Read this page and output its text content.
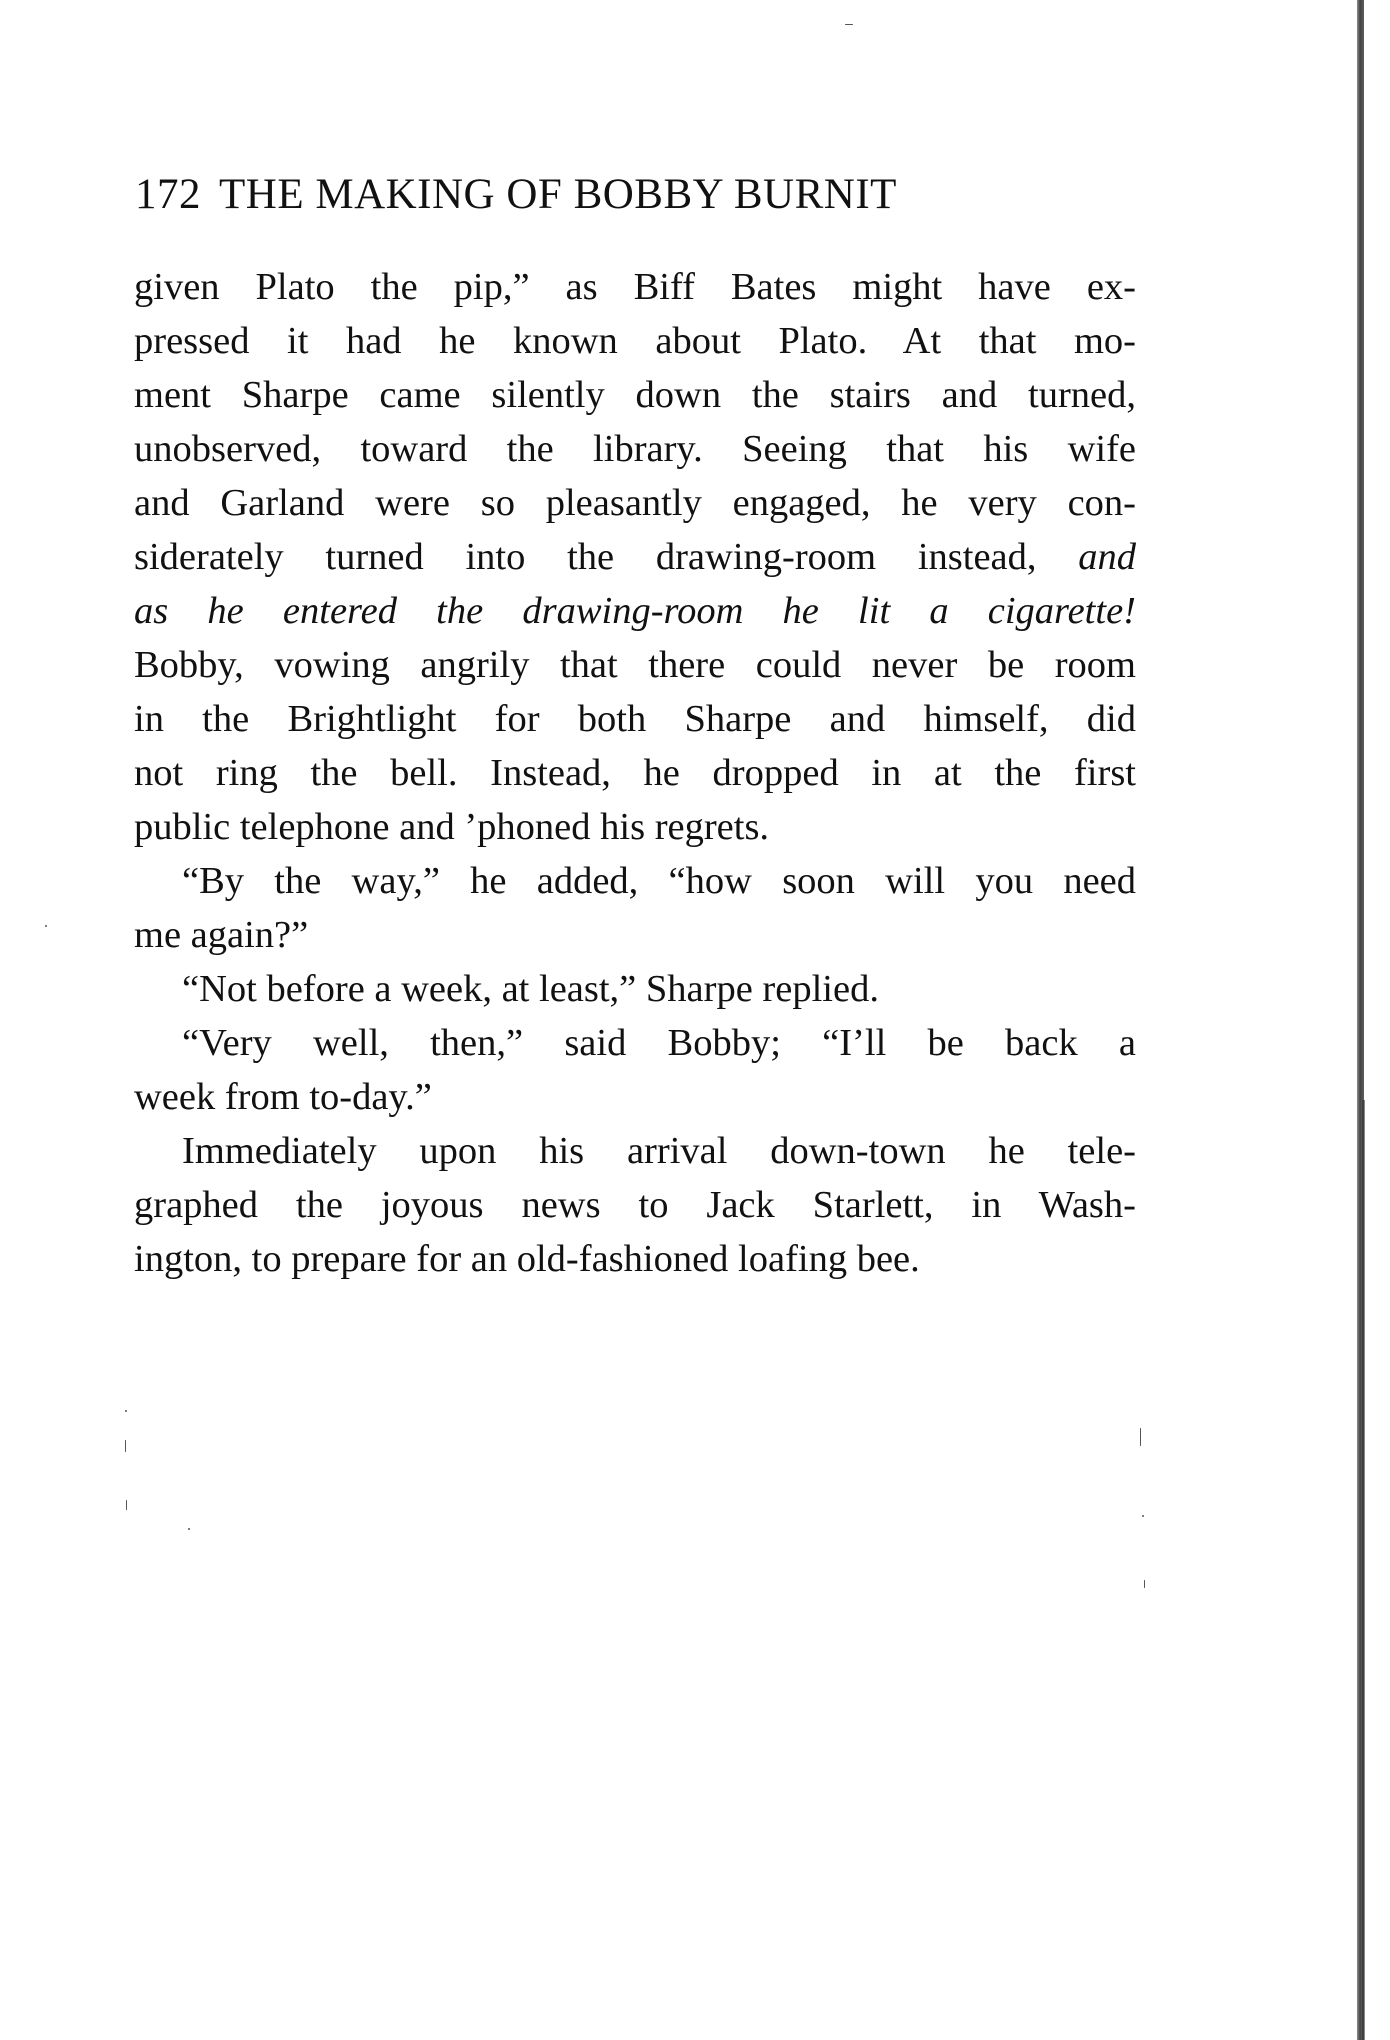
172 THE MAKING OF BOBBY BURNIT
given Plato the pip,” as Biff Bates might have ex-
pressed it had he known about Plato. At that mo-
ment Sharpe came silently down the stairs and turned,
unobserved, toward the library. Seeing that his wife
and Garland were so pleasantly engaged, he very con-
siderately turned into the drawing-room instead, and
as he entered the drawing-room he lit a cigarette!
Bobby, vowing angrily that there could never be room
in the Brightlight for both Sharpe and himself, did
not ring the bell. Instead, he dropped in at the first
public telephone and ’phoned his regrets.
“By the way,” he added, “how soon will you need
me again?”
“Not before a week, at least,” Sharpe replied.
“Very well, then,” said Bobby; “I’ll be back a
week from to-day.”
Immediately upon his arrival down-town he tele-
graphed the joyous news to Jack Starlett, in Wash-
ington, to prepare for an old-fashioned loafing bee.
